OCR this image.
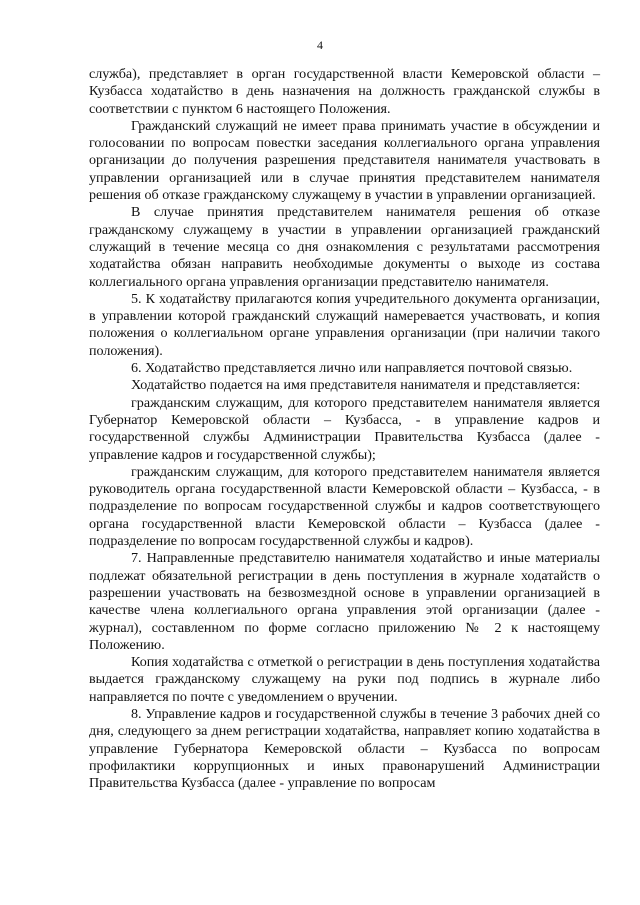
4

служба), представляет в орган государственной власти Кемеровской области – Кузбасса ходатайство в день назначения на должность гражданской службы в соответствии с пунктом 6 настоящего Положения.

Гражданский служащий не имеет права принимать участие в обсуждении и голосовании по вопросам повестки заседания коллегиального органа управления организации до получения разрешения представителя нанимателя участвовать в управлении организацией или в случае принятия представителем нанимателя решения об отказе гражданскому служащему в участии в управлении организацией.

В случае принятия представителем нанимателя решения об отказе гражданскому служащему в участии в управлении организацией гражданский служащий в течение месяца со дня ознакомления с результатами рассмотрения ходатайства обязан направить необходимые документы о выходе из состава коллегиального органа управления организации представителю нанимателя.

5. К ходатайству прилагаются копия учредительного документа организации, в управлении которой гражданский служащий намеревается участвовать, и копия положения о коллегиальном органе управления организации (при наличии такого положения).

6. Ходатайство представляется лично или направляется почтовой связью.

Ходатайство подается на имя представителя нанимателя и представляется:

гражданским служащим, для которого представителем нанимателя является Губернатор Кемеровской области – Кузбасса, - в управление кадров и государственной службы Администрации Правительства Кузбасса (далее - управление кадров и государственной службы);

гражданским служащим, для которого представителем нанимателя является руководитель органа государственной власти Кемеровской области – Кузбасса, - в подразделение по вопросам государственной службы и кадров соответствующего органа государственной власти Кемеровской области – Кузбасса (далее - подразделение по вопросам государственной службы и кадров).

7. Направленные представителю нанимателя ходатайство и иные материалы подлежат обязательной регистрации в день поступления в журнале ходатайств о разрешении участвовать на безвозмездной основе в управлении организацией в качестве члена коллегиального органа управления этой организации (далее - журнал), составленном по форме согласно приложению № 2 к настоящему Положению.

Копия ходатайства с отметкой о регистрации в день поступления ходатайства выдается гражданскому служащему на руки под подпись в журнале либо направляется по почте с уведомлением о вручении.

8. Управление кадров и государственной службы в течение 3 рабочих дней со дня, следующего за днем регистрации ходатайства, направляет копию ходатайства в управление Губернатора Кемеровской области – Кузбасса по вопросам профилактики коррупционных и иных правонарушений Администрации Правительства Кузбасса (далее - управление по вопросам
